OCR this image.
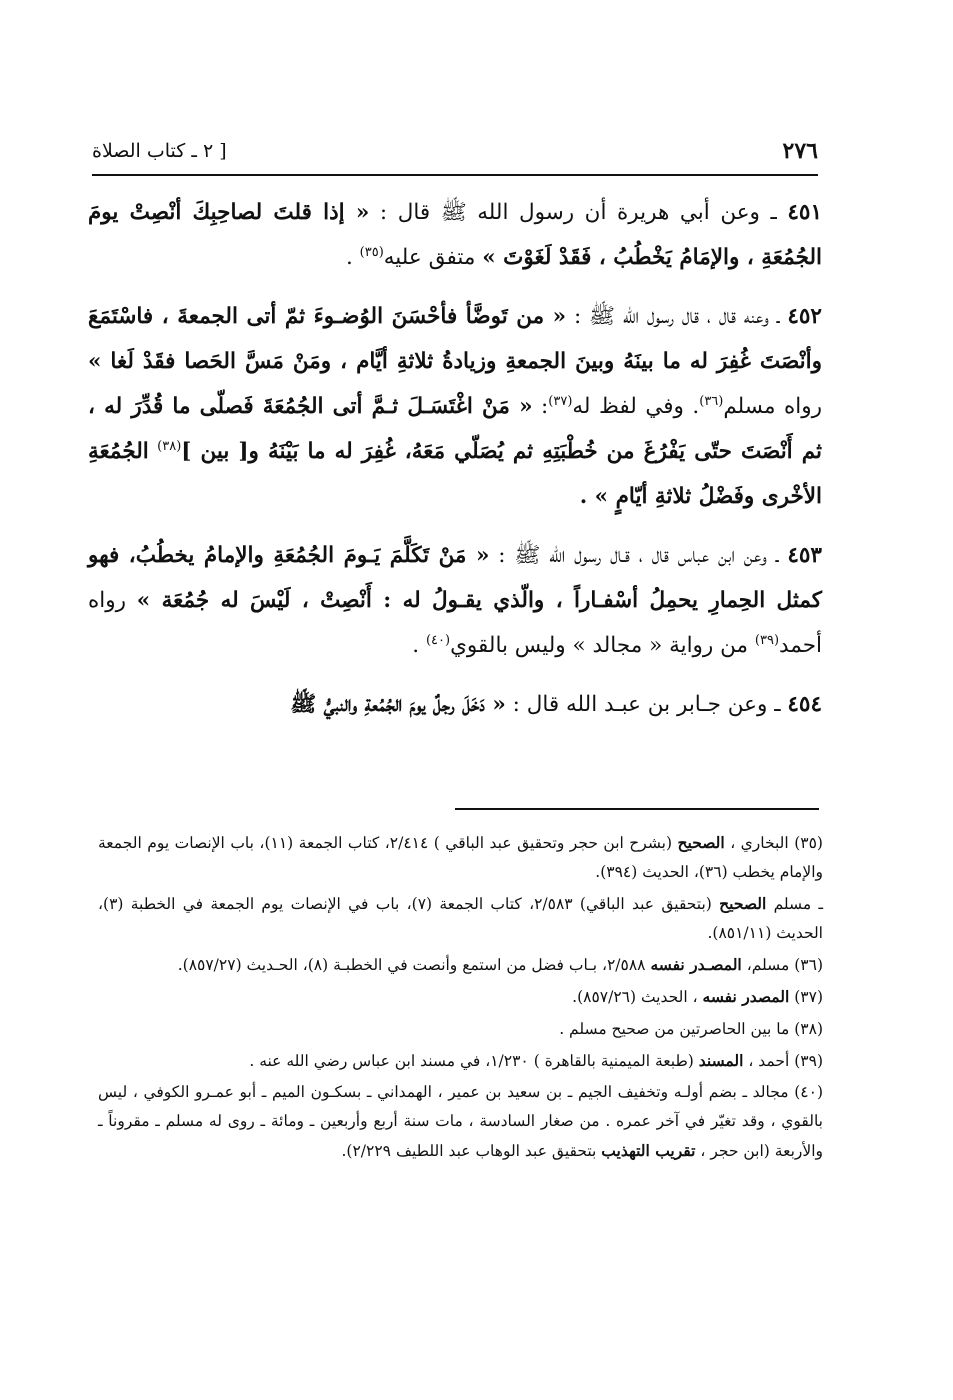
٢٧٦
[ ٢ ـ كتاب الصلاة

٤٥١ ـ وعن أبي هريرة أن رسول الله ﷺ قال : « إذا قلتَ لصاحِبِكَ أنْصِتْ يومَ الجُمُعَةِ ، والإمَامُ يَخْطُبُ ، فَقَدْ لَغَوْتَ » متفق عليه$^{(٣٥)}$ .

٤٥٢ ـ وعنه قال ، قال رسول الله ﷺ : « من تَوضَّأ فأحْسَنَ الوُضـوءَ ثمّ أتى الجمعةَ ، فاسْتَمَعَ وأنْصَتَ غُفِرَ له ما بينَهُ وبينَ الجمعةِ وزيادةُ ثلاثةِ أيَّام ، ومَنْ مَسَّ الحَصا فقَدْ لَغا » رواه مسلم$^{(٣٦)}$. وفي لفظ له$^{(٣٧)}$: « مَنْ اغْتَسَـلَ ثـمَّ أتى الجُمُعَةَ فَصلّى ما قُدِّرَ له ، ثم أَنْصَتَ حتّى يَفْرُغَ من خُطْبَتِهِ ثم يُصَلّي مَعَهُ، غُفِرَ له ما بَيْنَهُ و[ بين ]$^{(٣٨)}$ الجُمُعَةِ الأخْرى وفَضْلُ ثلاثةِ أيّامٍ » .

٤٥٣ ـ وعن ابن عباس قال ، قـال رسول الله ﷺ : « مَنْ تَكَلَّمَ يَـومَ الجُمُعَةِ والإمامُ يخطُبُ، فهو كمثل الحِمارِ يحمِلُ أسْفـاراً ، والّذي يقـولُ له : أَنْصِتْ ، لَيْسَ له جُمُعَة » رواه أحمد$^{(٣٩)}$ من رواية « مجالد » وليس بالقوي$^{(٤٠)}$ .

٤٥٤ ـ وعن جـابر بن عبـد الله قال : « دَخَلَ رجلٌ يومَ الجُمُعةِ والنبيُّ ﷺ

(٣٥) البخاري ، الصحيح (بشرح ابن حجر وتحقيق عبد الباقي ) ٢/٤١٤، كتاب الجمعة (١١)، باب الإنصات يوم الجمعة والإمام يخطب (٣٦)، الحديث (٣٩٤).

ـ مسلم الصحيح (بتحقيق عبد الباقي) ٢/٥٨٣، كتاب الجمعة (٧)، باب في الإنصات يوم الجمعة في الخطبة (٣)، الحديث (٨٥١/١١).

(٣٦) مسلم، المصـدر نفسه ٢/٥٨٨، بـاب فضل من استمع وأنصت في الخطبـة (٨)، الحـديث (٨٥٧/٢٧).

(٣٧) المصدر نفسه ، الحديث (٨٥٧/٢٦).

(٣٨) ما بين الحاصرتين من صحيح مسلم .

(٣٩) أحمد ، المسند (طبعة الميمنية بالقاهرة ) ١/٢٣٠، في مسند ابن عباس رضي الله عنه .

(٤٠) مجالد ـ بضم أولـه وتخفيف الجيم ـ بن سعيد بن عمير ، الهمداني ـ بسكـون الميم ـ أبو عمـرو الكوفي ، ليس بالقوي ، وقد تغيّر في آخر عمره . من صغار السادسة ، مات سنة أربع وأربعين ـ ومائة ـ روى له مسلم ـ مقروناً ـ والأربعة (ابن حجر ، تقريب التهذيب بتحقيق عبد الوهاب عبد اللطيف ٢/٢٢٩).
